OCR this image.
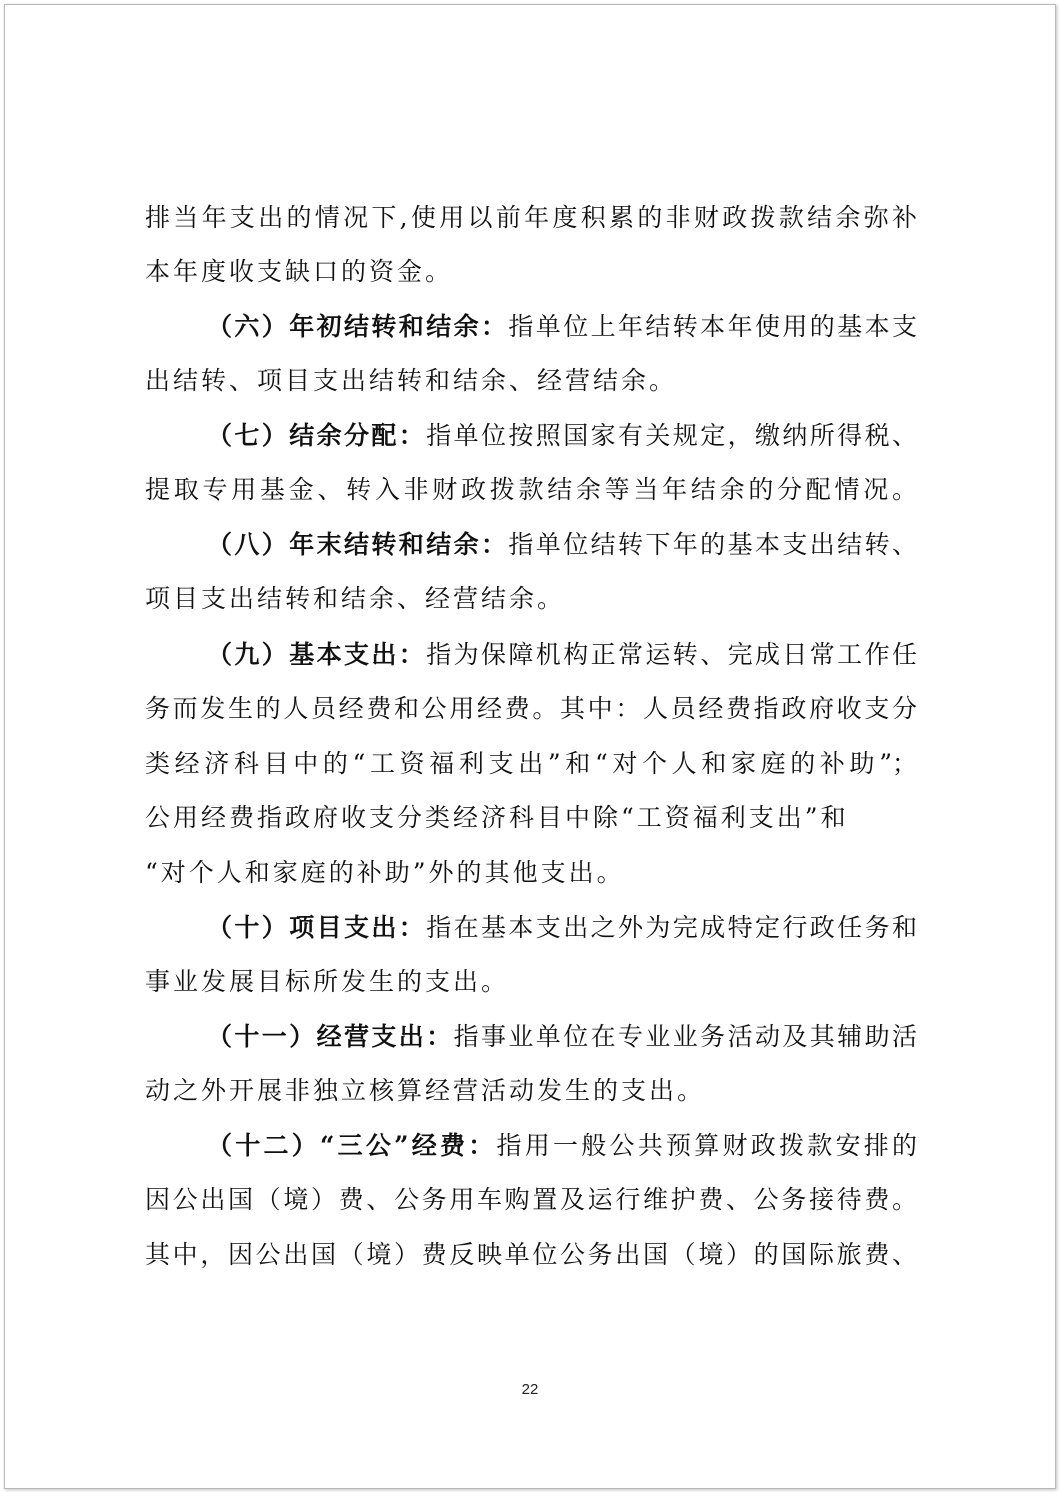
排当年支出的情况下,使用以前年度积累的非财政拨款结余弥补
本年度收支缺口的资金。
（六）年初结转和结余：指单位上年结转本年使用的基本支
出结转、项目支出结转和结余、经营结余。
（七）结余分配：指单位按照国家有关规定，缴纳所得税、
提取专用基金、转入非财政拨款结余等当年结余的分配情况。
（八）年末结转和结余：指单位结转下年的基本支出结转、
项目支出结转和结余、经营结余。
（九）基本支出：指为保障机构正常运转、完成日常工作任
务而发生的人员经费和公用经费。其中：人员经费指政府收支分
类经济科目中的“工资福利支出”和“对个人和家庭的补助”；
公用经费指政府收支分类经济科目中除“工资福利支出”和
“对个人和家庭的补助”外的其他支出。
（十）项目支出：指在基本支出之外为完成特定行政任务和
事业发展目标所发生的支出。
（十一）经营支出：指事业单位在专业业务活动及其辅助活
动之外开展非独立核算经营活动发生的支出。
（十二）“三公”经费：指用一般公共预算财政拨款安排的
因公出国（境）费、公务用车购置及运行维护费、公务接待费。
其中，因公出国（境）费反映单位公务出国（境）的国际旅费、
22
